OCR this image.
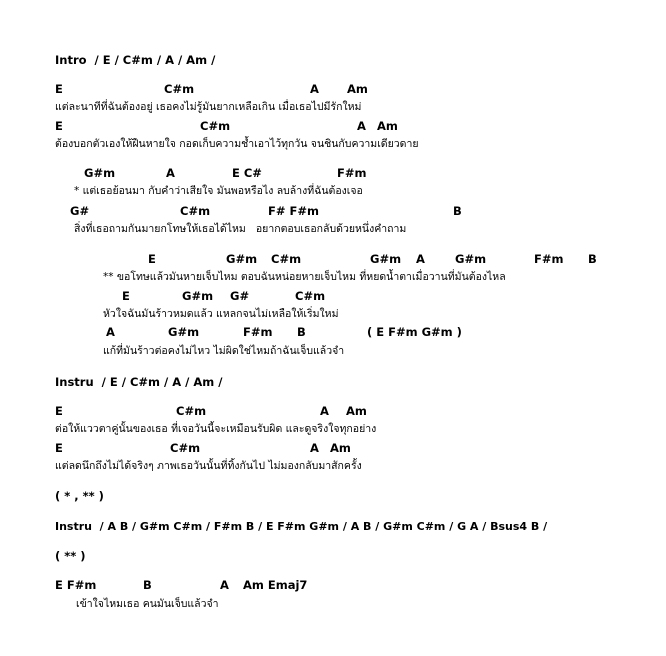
Intro  / E / C#m / A / Am /
E	C#m	A Am
แต่ละนาทีที่ฉันต้องอยู่ เธอคงไม่รู้มันยากเหลือเกิน เมื่อเธอไปมีรักใหม่
E	C#m	A Am
ต้องบอกตัวเองให้ฝืนหายใจ กอดเก็บความช้ำเอาไว้ทุกวัน จนชินกับความเดียวดาย
G#m	A	E C#	F#m
* แต่เธอย้อนมา กับคำว่าเสียใจ มันพอหรือไง ลบล้างที่ฉันต้องเจอ
G#	C#m	F# F#m	B
สิ่งที่เธอถามกันมายกโทษให้เธอได้ไหม   อยากตอบเธอกลับด้วยหนึ่งคำถาม
E	G#m C#m	G#m A	G#m	F#m B
** ขอโทษแล้วมันหายเจ็บไหม ตอบฉันหน่อยหายเจ็บไหม ที่หยดน้ำตาเมื่อวานที่มันต้องไหล
E	G#m G#	C#m
หัวใจฉันมันร้าวหมดแล้ว แหลกจนไม่เหลือให้เริ่มใหม่
A	G#m	F#m B	( E F#m G#m )
แก้ที่มันร้าวต่อคงไม่ไหว ไม่ผิดใช่ไหมถ้าฉันเจ็บแล้วจำ
Instru  / E / C#m / A / Am /
E	C#m	A Am
ต่อให้แววตาคู่นั้นของเธอ ที่เจอวันนี้จะเหมือนรับผิด และดูจริงใจทุกอย่าง
E	C#m	A Am
แต่ลดนึกถึงไม่ได้จริงๆ ภาพเธอวันนั้นที่ทิ้งกันไป ไม่มองกลับมาสักครั้ง
( * , ** )
Instru  / A B / G#m C#m / F#m B / E F#m G#m / A B / G#m C#m / G A / Bsus4 B /
( ** )
E F#m	B	A Am Emaj7
เข้าใจไหมเธอ คนมันเจ็บแล้วจำ
